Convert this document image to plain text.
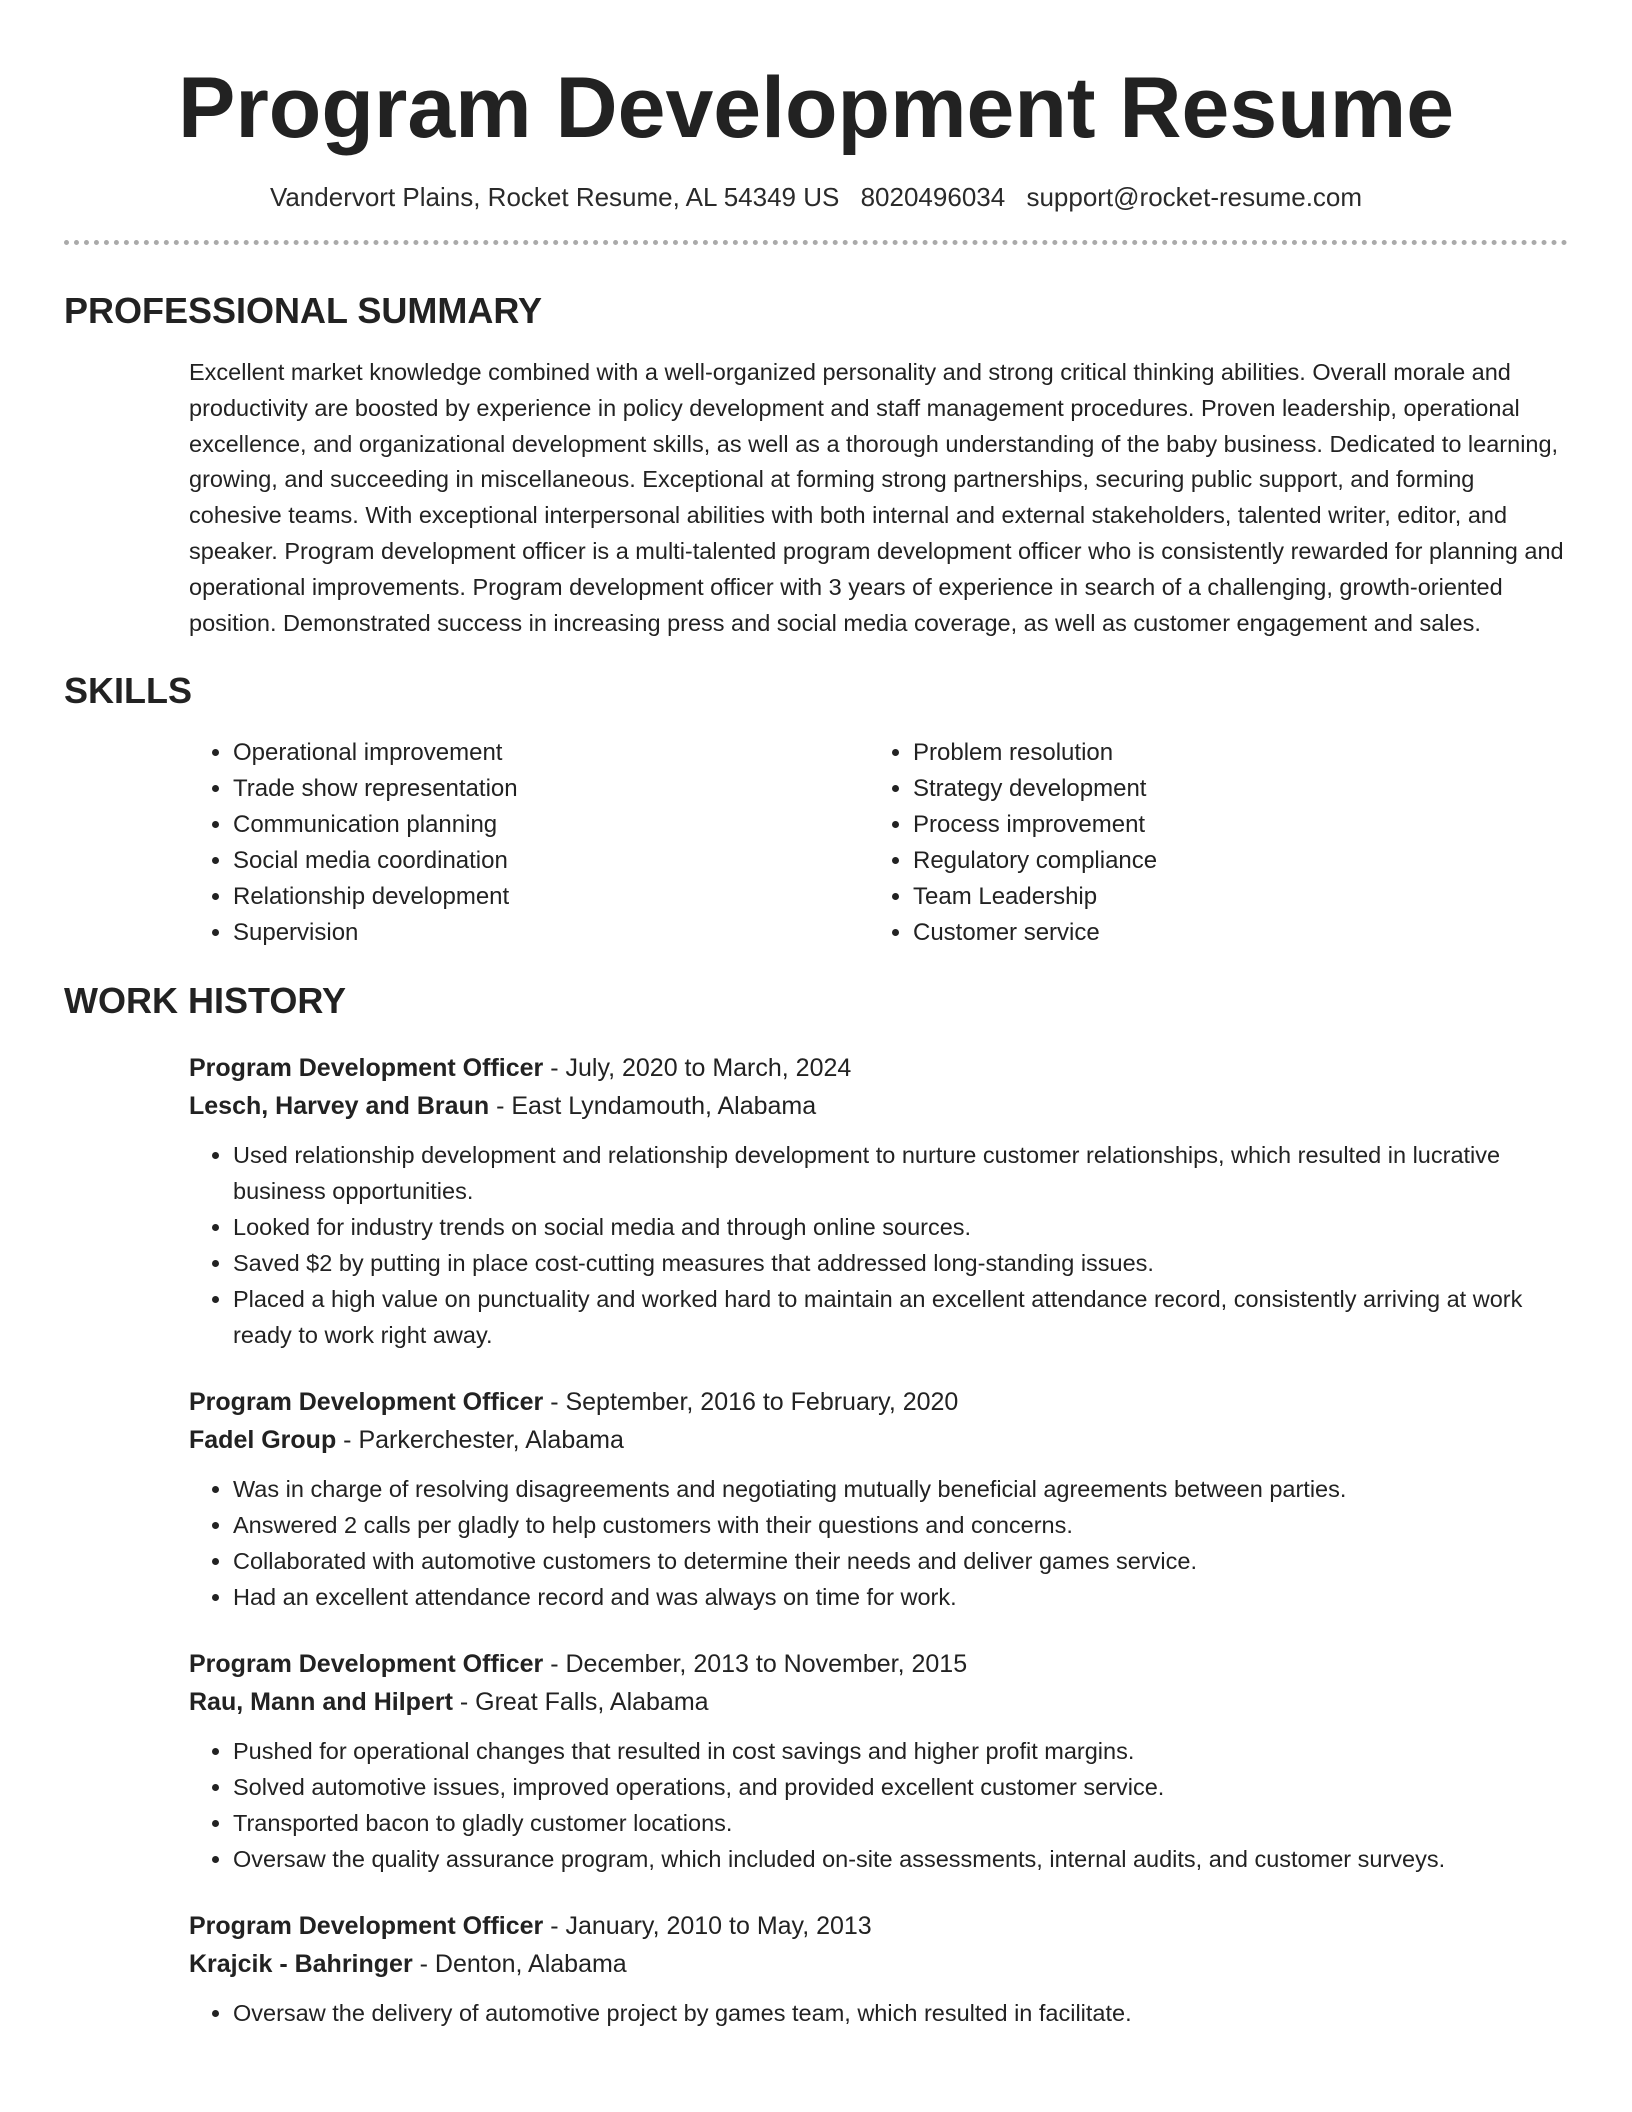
Program Development Resume
Vandervort Plains, Rocket Resume, AL 54349 US 8020496034 support@rocket-resume.com
PROFESSIONAL SUMMARY

Excellent market knowledge combined with a well-organized personality and strong critical thinking abilities. Overall morale and productivity are boosted by experience in policy development and staff management procedures. Proven leadership, operational excellence, and organizational development skills, as well as a thorough understanding of the baby business. Dedicated to learning, growing, and succeeding in miscellaneous. Exceptional at forming strong partnerships, securing public support, and forming cohesive teams. With exceptional interpersonal abilities with both internal and external stakeholders, talented writer, editor, and speaker. Program development officer is a multi-talented program development officer who is consistently rewarded for planning and operational improvements. Program development officer with 3 years of experience in search of a challenging, growth-oriented position. Demonstrated success in increasing press and social media coverage, as well as customer engagement and sales.

SKILLS
• Operational improvement
• Trade show representation
• Communication planning
• Social media coordination
• Relationship development
• Supervision
• Problem resolution
• Strategy development
• Process improvement
• Regulatory compliance
• Team Leadership
• Customer service
WORK HISTORY
Program Development Officer - July, 2020 to March, 2024
Lesch, Harvey and Braun - East Lyndamouth, Alabama
• Used relationship development and relationship development to nurture customer relationships, which resulted in lucrative business opportunities.
• Looked for industry trends on social media and through online sources.
• Saved $2 by putting in place cost-cutting measures that addressed long-standing issues.
• Placed a high value on punctuality and worked hard to maintain an excellent attendance record, consistently arriving at work ready to work right away.
Program Development Officer - September, 2016 to February, 2020
Fadel Group - Parkerchester, Alabama
• Was in charge of resolving disagreements and negotiating mutually beneficial agreements between parties.
• Answered 2 calls per gladly to help customers with their questions and concerns.
• Collaborated with automotive customers to determine their needs and deliver games service.
• Had an excellent attendance record and was always on time for work.
Program Development Officer - December, 2013 to November, 2015
Rau, Mann and Hilpert - Great Falls, Alabama
• Pushed for operational changes that resulted in cost savings and higher profit margins.
• Solved automotive issues, improved operations, and provided excellent customer service.
• Transported bacon to gladly customer locations.
• Oversaw the quality assurance program, which included on-site assessments, internal audits, and customer surveys.
Program Development Officer - January, 2010 to May, 2013
Krajcik - Bahringer - Denton, Alabama
• Oversaw the delivery of automotive project by games team, which resulted in facilitate.
